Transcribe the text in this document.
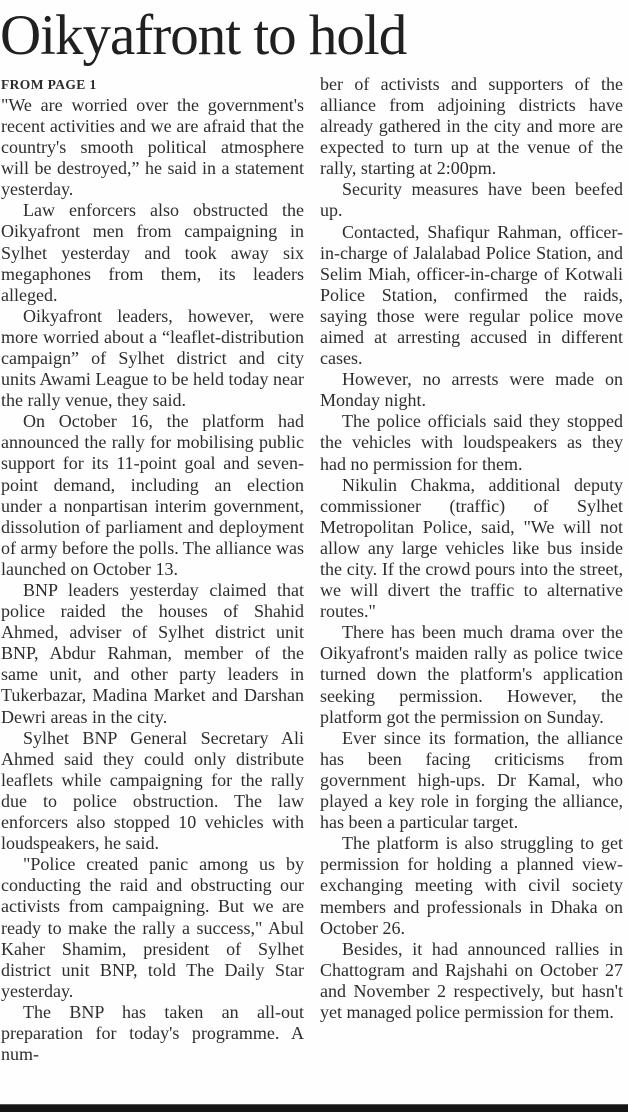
Oikyafront to hold
FROM PAGE 1

"We are worried over the government's recent activities and we are afraid that the country's smooth political atmosphere will be destroyed,” he said in a statement yesterday.

Law enforcers also obstructed the Oikyafront men from campaigning in Sylhet yesterday and took away six megaphones from them, its leaders alleged.

Oikyafront leaders, however, were more worried about a “leaflet-distribution campaign” of Sylhet district and city units Awami League to be held today near the rally venue, they said.

On October 16, the platform had announced the rally for mobilising public support for its 11-point goal and seven-point demand, including an election under a nonpartisan interim government, dissolution of parliament and deployment of army before the polls. The alliance was launched on October 13.

BNP leaders yesterday claimed that police raided the houses of Shahid Ahmed, adviser of Sylhet district unit BNP, Abdur Rahman, member of the same unit, and other party leaders in Tukerbazar, Madina Market and Darshan Dewri areas in the city.

Sylhet BNP General Secretary Ali Ahmed said they could only distribute leaflets while campaigning for the rally due to police obstruction. The law enforcers also stopped 10 vehicles with loudspeakers, he said.

"Police created panic among us by conducting the raid and obstructing our activists from campaigning. But we are ready to make the rally a success," Abul Kaher Shamim, president of Sylhet district unit BNP, told The Daily Star yesterday.

The BNP has taken an all-out preparation for today's programme. A num-

ber of activists and supporters of the alliance from adjoining districts have already gathered in the city and more are expected to turn up at the venue of the rally, starting at 2:00pm.

Security measures have been beefed up.

Contacted, Shafiqur Rahman, officer-in-charge of Jalalabad Police Station, and Selim Miah, officer-in-charge of Kotwali Police Station, confirmed the raids, saying those were regular police move aimed at arresting accused in different cases.

However, no arrests were made on Monday night.

The police officials said they stopped the vehicles with loudspeakers as they had no permission for them.

Nikulin Chakma, additional deputy commissioner (traffic) of Sylhet Metropolitan Police, said, "We will not allow any large vehicles like bus inside the city. If the crowd pours into the street, we will divert the traffic to alternative routes."

There has been much drama over the Oikyafront's maiden rally as police twice turned down the platform's application seeking permission. However, the platform got the permission on Sunday.

Ever since its formation, the alliance has been facing criticisms from government high-ups. Dr Kamal, who played a key role in forging the alliance, has been a particular target.

The platform is also struggling to get permission for holding a planned view-exchanging meeting with civil society members and professionals in Dhaka on October 26.

Besides, it had announced rallies in Chattogram and Rajshahi on October 27 and November 2 respectively, but hasn't yet managed police permission for them.
